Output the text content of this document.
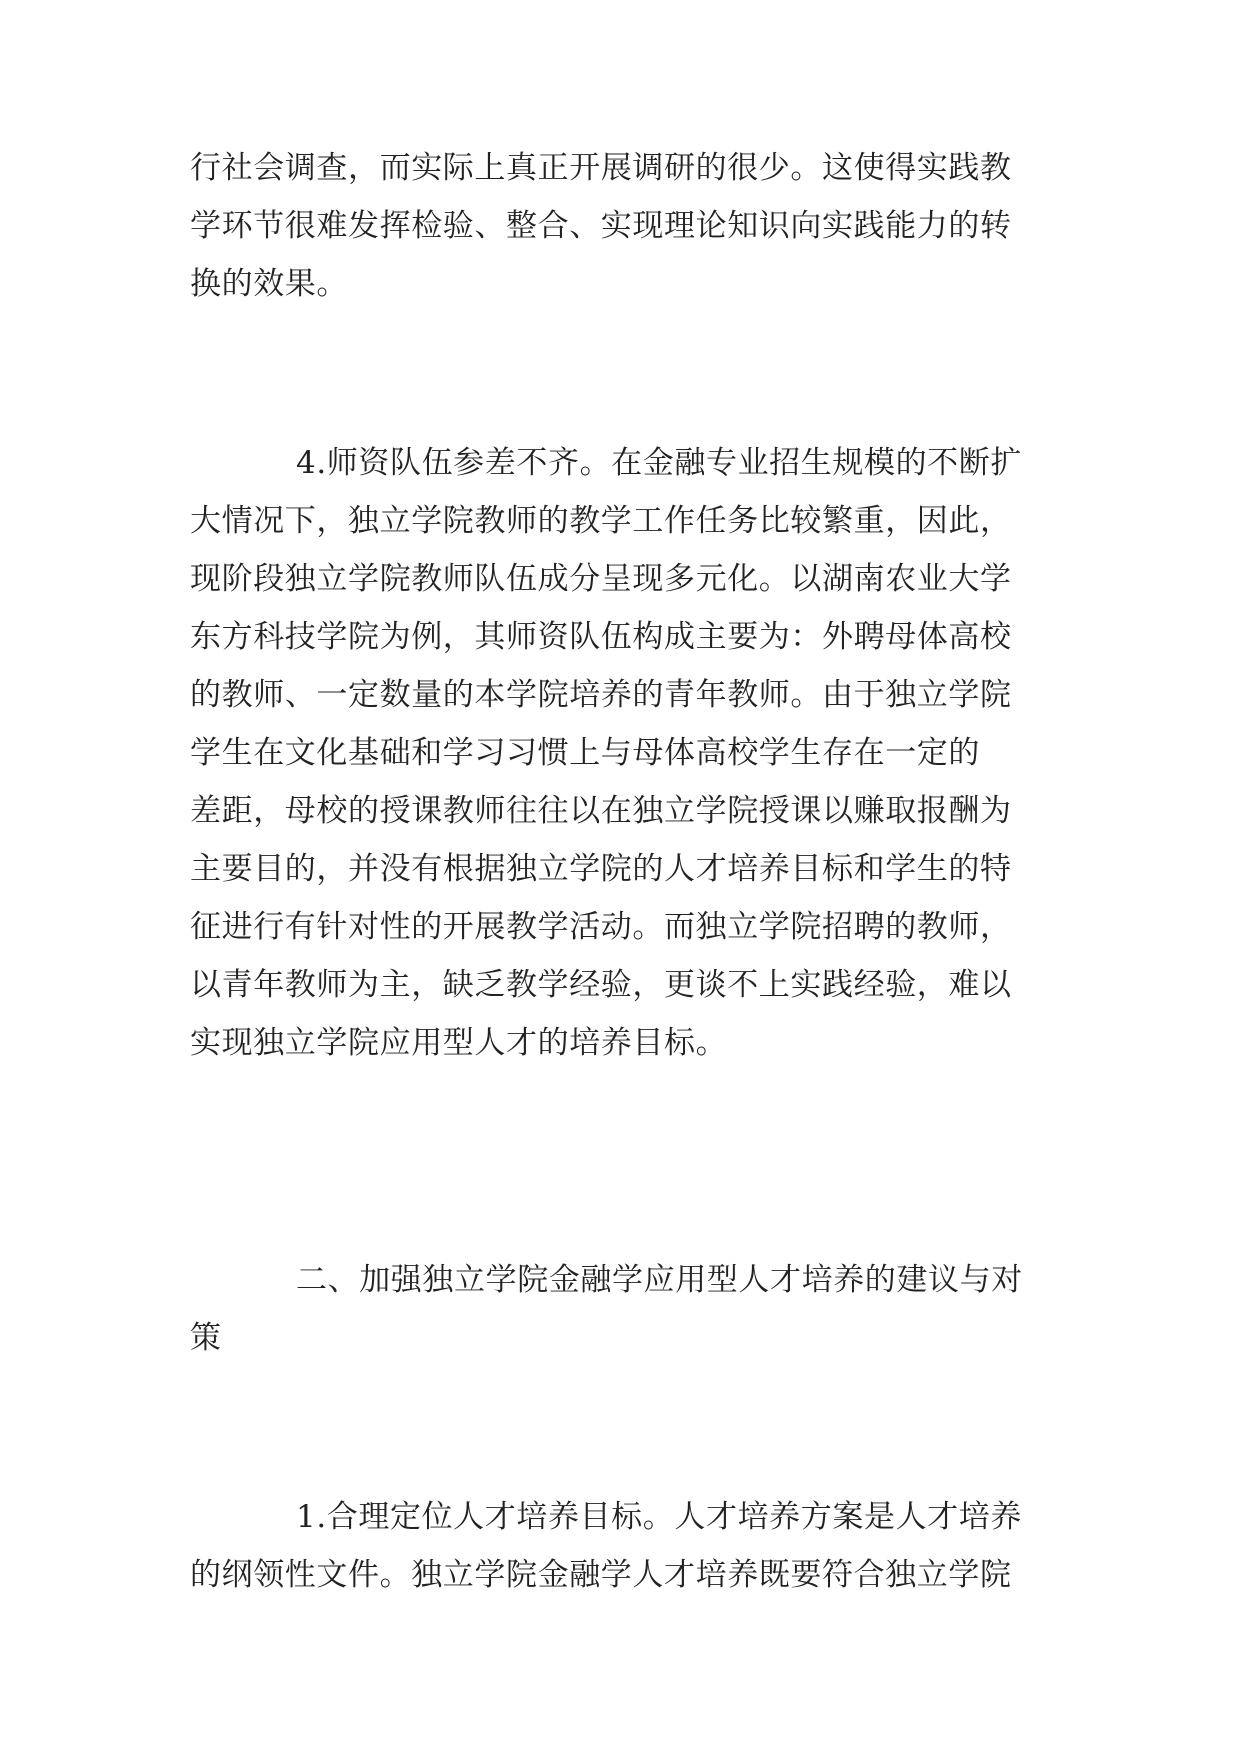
行社会调查，而实际上真正开展调研的很少。这使得实践教

学环节很难发挥检验、整合、实现理论知识向实践能力的转

换的效果。

4.师资队伍参差不齐。在金融专业招生规模的不断扩

大情况下，独立学院教师的教学工作任务比较繁重，因此，

现阶段独立学院教师队伍成分呈现多元化。以湖南农业大学

东方科技学院为例，其师资队伍构成主要为：外聘母体高校

的教师、一定数量的本学院培养的青年教师。由于独立学院

学生在文化基础和学习习惯上与母体高校学生存在一定的

差距，母校的授课教师往往以在独立学院授课以赚取报酬为

主要目的，并没有根据独立学院的人才培养目标和学生的特

征进行有针对性的开展教学活动。而独立学院招聘的教师，

以青年教师为主，缺乏教学经验，更谈不上实践经验，难以

实现独立学院应用型人才的培养目标。

二、加强独立学院金融学应用型人才培养的建议与对

策

1.合理定位人才培养目标。人才培养方案是人才培养

的纲领性文件。独立学院金融学人才培养既要符合独立学院
